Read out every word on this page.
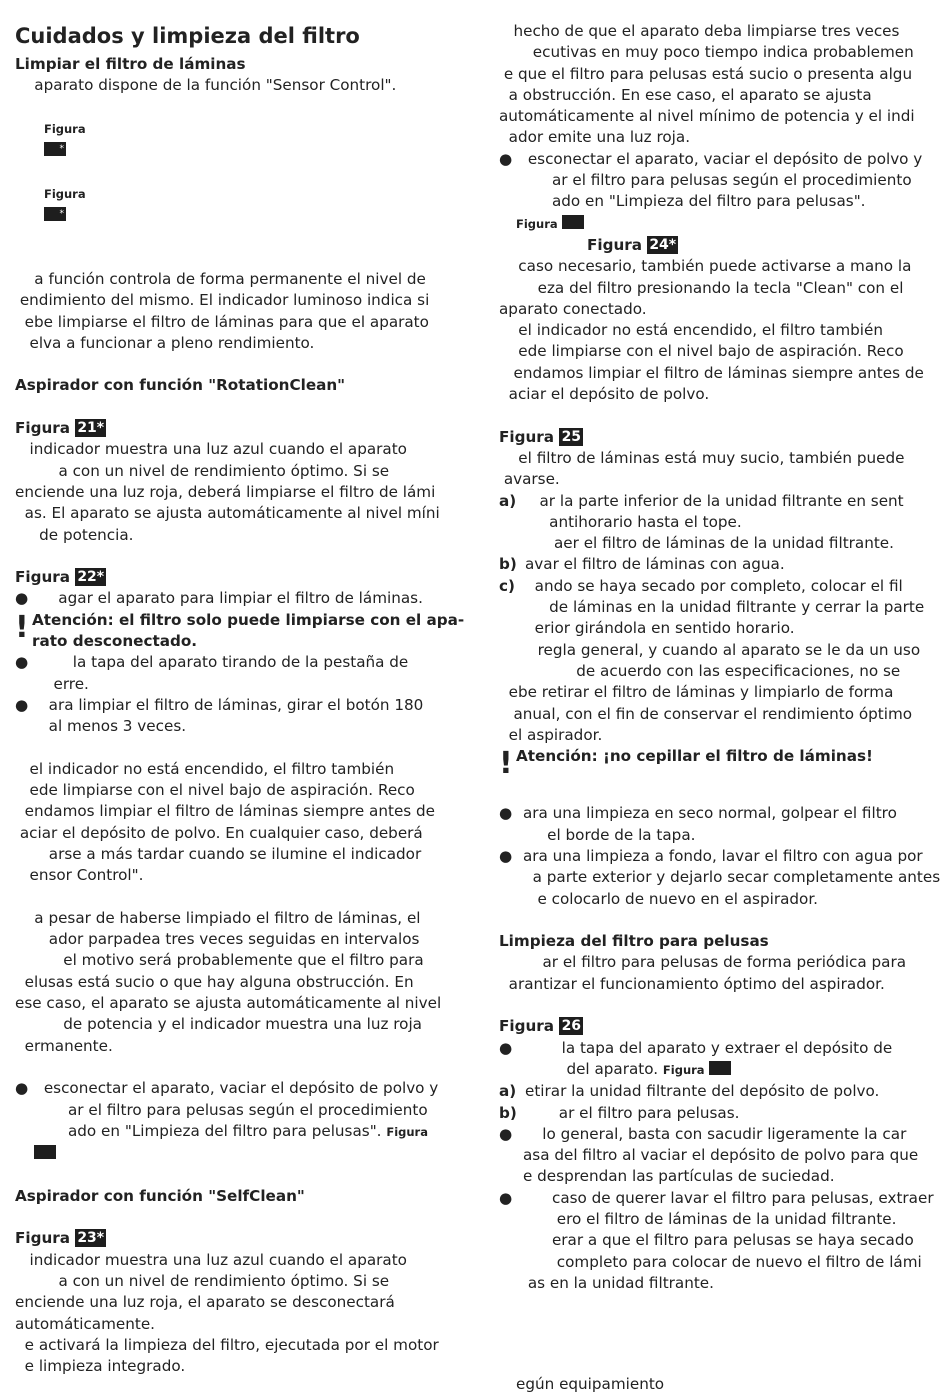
Cuidados y limpieza del filtro
Limpiar el filtro de láminas
aparato dispone de la función "Sensor Control".

Figura

*

Figura

*

a función controla de forma permanente el nivel de
endimiento del mismo. El indicador luminoso indica si
ebe limpiarse el filtro de láminas para que el aparato
elva a funcionar a pleno rendimiento.
Aspirador con función "RotationClean"
Figura 21*
indicador muestra una luz azul cuando el aparato
a con un nivel de rendimiento óptimo. Si se
enciende una luz roja, deberá limpiarse el filtro de lámi
as. El aparato se ajusta automáticamente al nivel míni
de potencia.
Figura 22*
● agar el aparato para limpiar el filtro de láminas.
! Atención: el filtro solo puede limpiarse con el apa-
rato desconectado.
● la tapa del aparato tirando de la pestaña de
erre.
● ara limpiar el filtro de láminas, girar el botón 180
al menos 3 veces.
el indicador no está encendido, el filtro también
ede limpiarse con el nivel bajo de aspiración. Reco
endamos limpiar el filtro de láminas siempre antes de
aciar el depósito de polvo. En cualquier caso, deberá
arse a más tardar cuando se ilumine el indicador
ensor Control".
a pesar de haberse limpiado el filtro de láminas, el
ador parpadea tres veces seguidas en intervalos
el motivo será probablemente que el filtro para
elusas está sucio o que hay alguna obstrucción. En
ese caso, el aparato se ajusta automáticamente al nivel
de potencia y el indicador muestra una luz roja
ermanente.
● esconectar el aparato, vaciar el depósito de polvo y
ar el filtro para pelusas según el procedimiento
ado en "Limpieza del filtro para pelusas". Figura
Aspirador con función "SelfClean"
Figura 23*
indicador muestra una luz azul cuando el aparato
a con un nivel de rendimiento óptimo. Si se
enciende una luz roja, el aparato se desconectará
automáticamente.
e activará la limpieza del filtro, ejecutada por el motor
e limpieza integrado.
hecho de que el aparato deba limpiarse tres veces
ecutivas en muy poco tiempo indica probablemen
e que el filtro para pelusas está sucio o presenta algu
a obstrucción. En ese caso, el aparato se ajusta
automáticamente al nivel mínimo de potencia y el indi
ador emite una luz roja.
● esconectar el aparato, vaciar el depósito de polvo y
ar el filtro para pelusas según el procedimiento
ado en "Limpieza del filtro para pelusas".
Figura
Figura 24*
caso necesario, también puede activarse a mano la
eza del filtro presionando la tecla "Clean" con el
aparato conectado.
el indicador no está encendido, el filtro también
ede limpiarse con el nivel bajo de aspiración. Reco
endamos limpiar el filtro de láminas siempre antes de
aciar el depósito de polvo.
Figura 25
el filtro de láminas está muy sucio, también puede
avarse.
a) ar la parte inferior de la unidad filtrante en sent
antihorario hasta el tope.
aer el filtro de láminas de la unidad filtrante.
b) avar el filtro de láminas con agua.
c) ando se haya secado por completo, colocar el fil
de láminas en la unidad filtrante y cerrar la parte
erior girándola en sentido horario.
regla general, y cuando al aparato se le da un uso
de acuerdo con las especificaciones, no se
ebe retirar el filtro de láminas y limpiarlo de forma
anual, con el fin de conservar el rendimiento óptimo
el aspirador.
! Atención: ¡no cepillar el filtro de láminas!
● ara una limpieza en seco normal, golpear el filtro
el borde de la tapa.
● ara una limpieza a fondo, lavar el filtro con agua por
a parte exterior y dejarlo secar completamente antes
e colocarlo de nuevo en el aspirador.
Limpieza del filtro para pelusas
ar el filtro para pelusas de forma periódica para
arantizar el funcionamiento óptimo del aspirador.
Figura 26
● la tapa del aparato y extraer el depósito de
del aparato. Figura
a) etirar la unidad filtrante del depósito de polvo.
b) ar el filtro para pelusas.
● lo general, basta con sacudir ligeramente la car
asa del filtro al vaciar el depósito de polvo para que
e desprendan las partículas de suciedad.
● caso de querer lavar el filtro para pelusas, extraer
ero el filtro de láminas de la unidad filtrante.
erar a que el filtro para pelusas se haya secado
completo para colocar de nuevo el filtro de lámi
as en la unidad filtrante.
egún equipamiento
